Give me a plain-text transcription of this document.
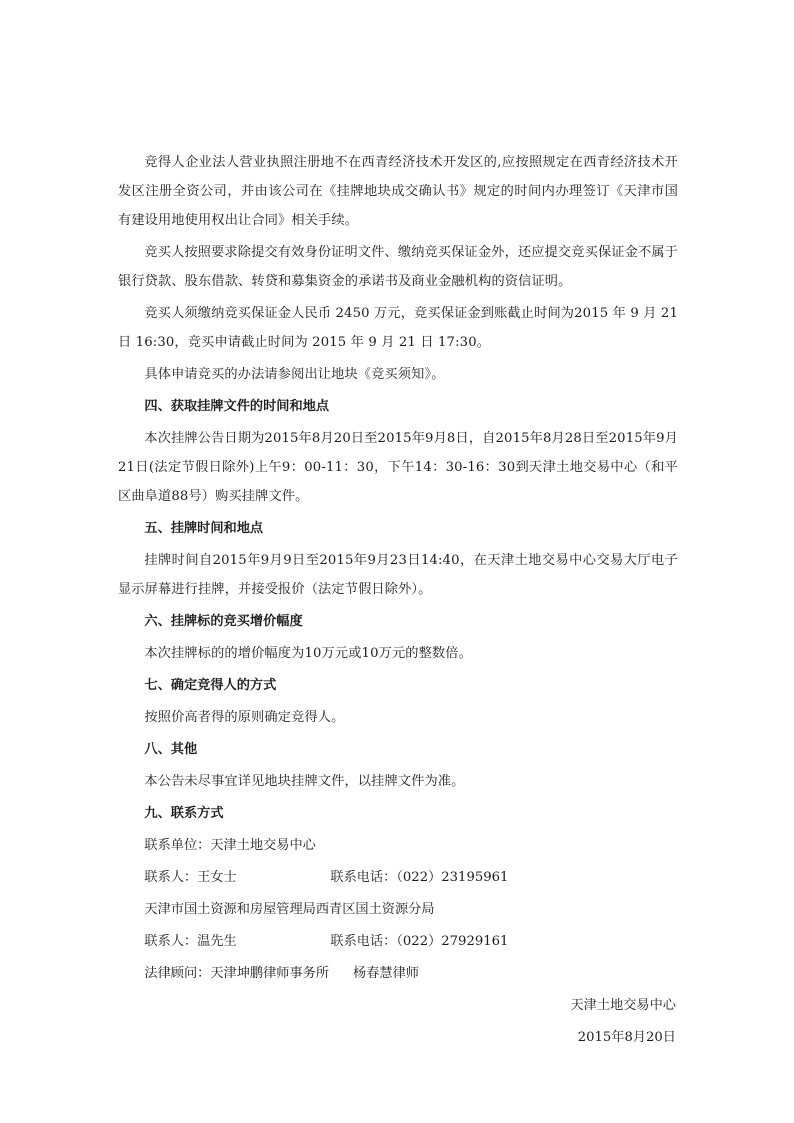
竞得人企业法人营业执照注册地不在西青经济技术开发区的,应按照规定在西青经济技术开发区注册全资公司，并由该公司在《挂牌地块成交确认书》规定的时间内办理签订《天津市国有建设用地使用权出让合同》相关手续。

竞买人按照要求除提交有效身份证明文件、缴纳竞买保证金外，还应提交竞买保证金不属于银行贷款、股东借款、转贷和募集资金的承诺书及商业金融机构的资信证明。

竞买人须缴纳竞买保证金人民币 2450 万元，竞买保证金到账截止时间为2015 年 9 月 21 日 16:30，竞买申请截止时间为 2015 年 9 月 21 日 17:30。

具体申请竞买的办法请参阅出让地块《竞买须知》。

四、获取挂牌文件的时间和地点

本次挂牌公告日期为2015年8月20日至2015年9月8日，自2015年8月28日至2015年9月21日(法定节假日除外)上午9：00-11：30，下午14：30-16：30到天津土地交易中心（和平区曲阜道88号）购买挂牌文件。

五、挂牌时间和地点

挂牌时间自2015年9月9日至2015年9月23日14:40，在天津土地交易中心交易大厅电子显示屏幕进行挂牌，并接受报价（法定节假日除外）。

六、挂牌标的竞买增价幅度

本次挂牌标的的增价幅度为10万元或10万元的整数倍。

七、确定竞得人的方式

按照价高者得的原则确定竞得人。

八、其他

本公告未尽事宜详见地块挂牌文件，以挂牌文件为准。

九、联系方式
联系单位：天津土地交易中心
联系人：王女士	联系电话：（022）23195961
天津市国土资源和房屋管理局西青区国土资源分局
联系人：温先生	联系电话：（022）27929161
法律顾问：天津坤鹏律师事务所 杨春慧律师
天津土地交易中心
2015年8月20日
